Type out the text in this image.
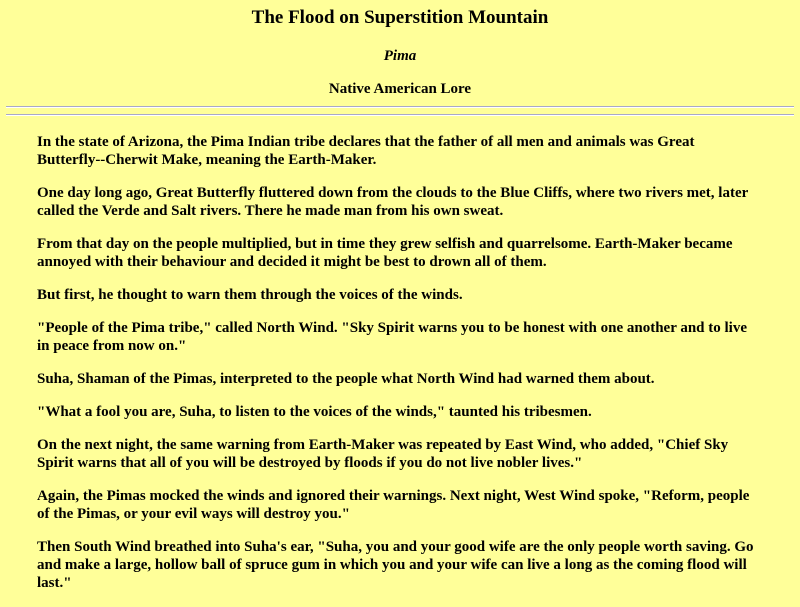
The Flood on Superstition Mountain

Pima

Native American Lore

In the state of Arizona, the Pima Indian tribe declares that the father of all men and animals was Great Butterfly--Cherwit Make, meaning the Earth-Maker.

One day long ago, Great Butterfly fluttered down from the clouds to the Blue Cliffs, where two rivers met, later called the Verde and Salt rivers. There he made man from his own sweat.

From that day on the people multiplied, but in time they grew selfish and quarrelsome. Earth-Maker became annoyed with their behaviour and decided it might be best to drown all of them.

But first, he thought to warn them through the voices of the winds.

"People of the Pima tribe," called North Wind. "Sky Spirit warns you to be honest with one another and to live in peace from now on."

Suha, Shaman of the Pimas, interpreted to the people what North Wind had warned them about.

"What a fool you are, Suha, to listen to the voices of the winds," taunted his tribesmen.

On the next night, the same warning from Earth-Maker was repeated by East Wind, who added, "Chief Sky Spirit warns that all of you will be destroyed by floods if you do not live nobler lives."

Again, the Pimas mocked the winds and ignored their warnings. Next night, West Wind spoke, "Reform, people of the Pimas, or your evil ways will destroy you."

Then South Wind breathed into Suha's ear, "Suha, you and your good wife are the only people worth saving. Go and make a large, hollow ball of spruce gum in which you and your wife can live a long as the coming flood will last."
